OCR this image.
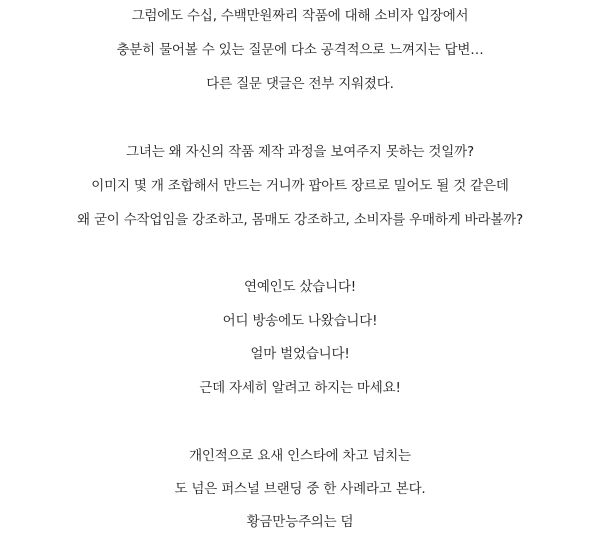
그럼에도 수십, 수백만원짜리 작품에 대해 소비자 입장에서
충분히 물어볼 수 있는 질문에 다소 공격적으로 느껴지는 답변…
다른 질문 댓글은 전부 지워졌다.
그녀는 왜 자신의 작품 제작 과정을 보여주지 못하는 것일까?
이미지 몇 개 조합해서 만드는 거니까 팝아트 장르로 밀어도 될 것 같은데
왜 굳이 수작업임을 강조하고, 몸매도 강조하고, 소비자를 우매하게 바라볼까?
연예인도 샀습니다!
어디 방송에도 나왔습니다!
얼마 벌었습니다!
근데 자세히 알려고 하지는 마세요!
개인적으로 요새 인스타에 차고 넘치는
도 넘은 퍼스널 브랜딩 중 한 사례라고 본다.
황금만능주의는 덤
